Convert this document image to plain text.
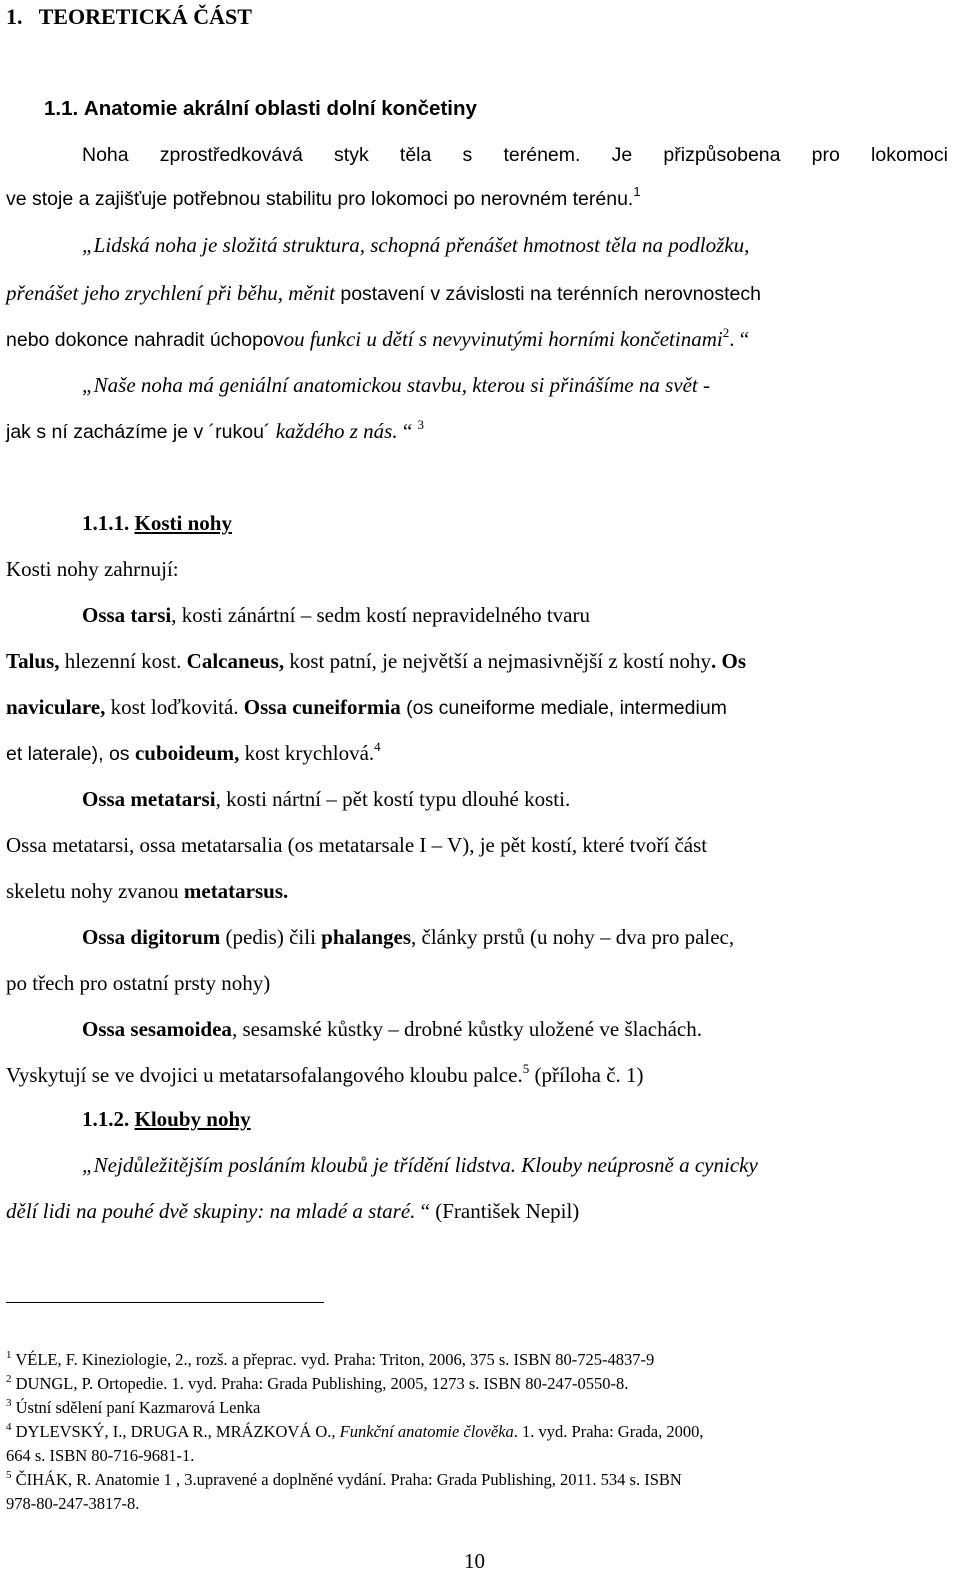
1. TEORETICKÁ ČÁST
1.1. Anatomie akrální oblasti dolní končetiny
Noha zprostředkovává styk těla s terénem. Je přizpůsobena pro lokomoci
ve stoje a zajišťuje potřebnou stabilitu pro lokomoci po nerovném terénu.$^1$
„Lidská noha je složitá struktura, schopná přenášet hmotnost těla na podložku,
přenášet jeho zrychlení při běhu, měnit postavení v závislosti na terénních nerovnostech
nebo dokonce nahradit úchopovou funkci u dětí s nevyvinutými horními končetinami$^2$. “
„Naše noha má geniální anatomickou stavbu, kterou si přinášíme na svět -
jak s ní zacházíme je v ´rukou´ každého z nás. “ $^3$
1.1.1. Kosti nohy
Kosti nohy zahrnují:
Ossa tarsi, kosti zánártní – sedm kostí nepravidelného tvaru
Talus, hlezenní kost. Calcaneus, kost patní, je největší a nejmasivnější z kostí nohy. Os
naviculare, kost loďkovitá. Ossa cuneiformia (os cuneiforme mediale, intermedium
et laterale), os cuboideum, kost krychlová.$^4$
Ossa metatarsi, kosti nártní – pět kostí typu dlouhé kosti.
Ossa metatarsi, ossa metatarsalia (os metatarsale I – V), je pět kostí, které tvoří část
skeletu nohy zvanou metatarsus.
Ossa digitorum (pedis) čili phalanges, články prstů (u nohy – dva pro palec,
po třech pro ostatní prsty nohy)
Ossa sesamoidea, sesamské kůstky – drobné kůstky uložené ve šlachách.
Vyskytují se ve dvojici u metatarsofalangového kloubu palce.$^5$ (příloha č. 1)
1.1.2. Klouby nohy
„Nejdůležitějším posláním kloubů je třídění lidstva. Klouby neúprosně a cynicky
dělí lidi na pouhé dvě skupiny: na mladé a staré. “ (František Nepil)
$^1$ VÉLE, F. Kineziologie, 2., rozš. a přeprac. vyd. Praha: Triton, 2006, 375 s. ISBN 80-725-4837-9
$^2$ DUNGL, P. Ortopedie. 1. vyd. Praha: Grada Publishing, 2005, 1273 s. ISBN 80-247-0550-8.
$^3$ Ústní sdělení paní Kazmarová Lenka
$^4$ DYLEVSKÝ, I., DRUGA R., MRÁZKOVÁ O., Funkční anatomie člověka. 1. vyd. Praha: Grada, 2000,
664 s. ISBN 80-716-9681-1.
$^5$ ČIHÁK, R. Anatomie 1 , 3.upravené a doplněné vydání. Praha: Grada Publishing, 2011. 534 s. ISBN
978-80-247-3817-8.
10
